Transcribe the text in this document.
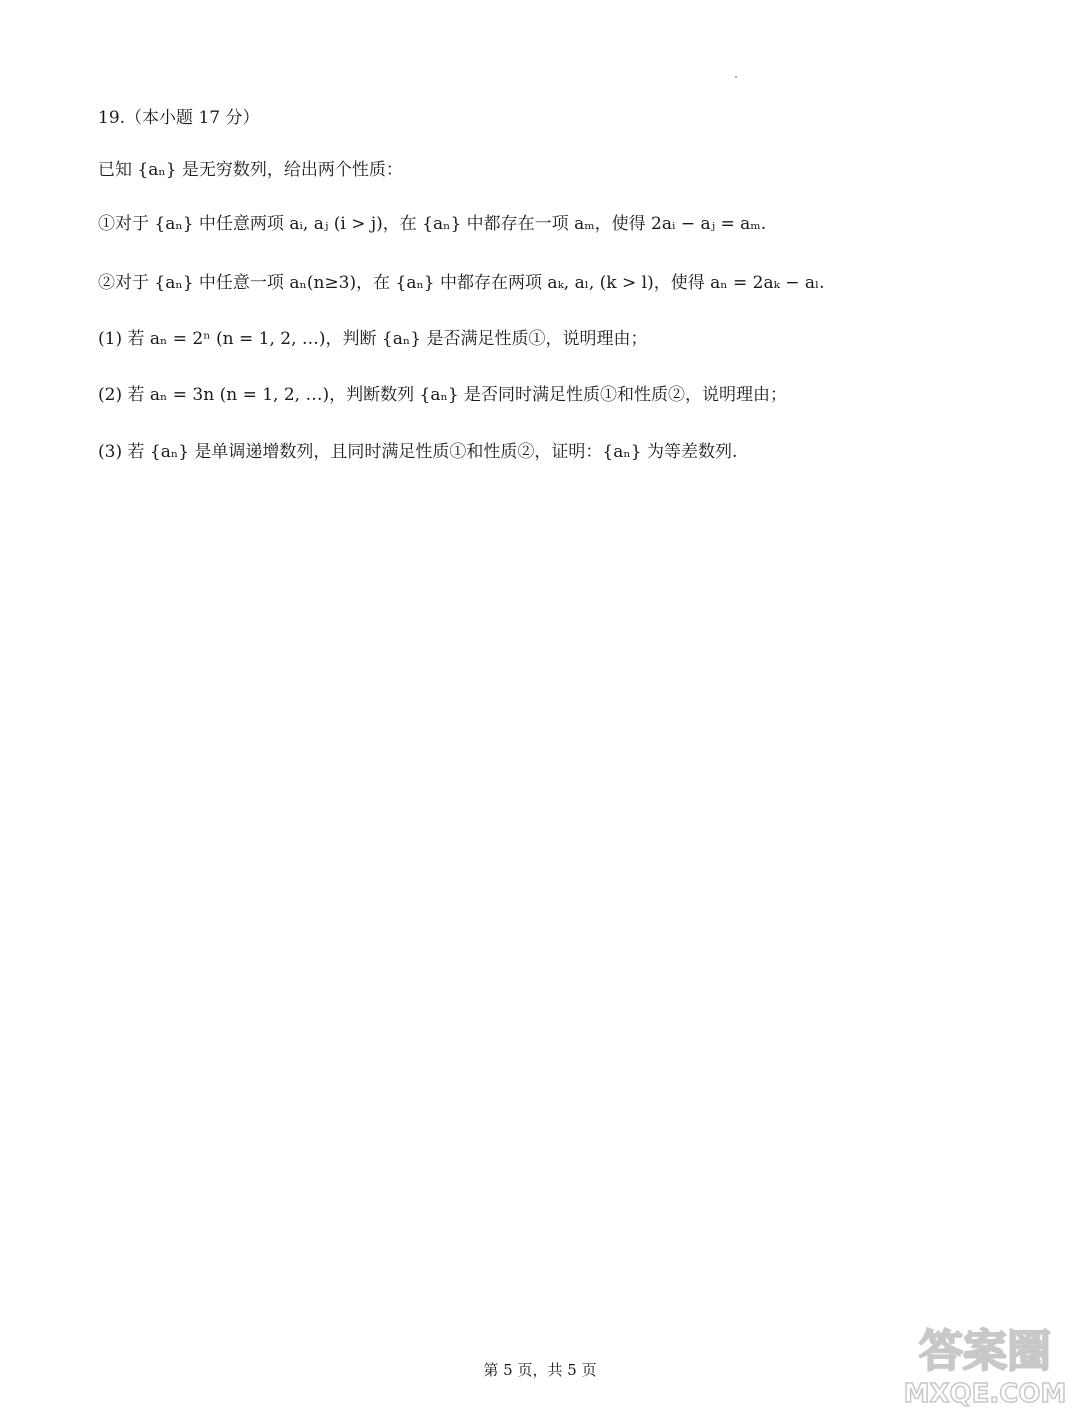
19.（本小题 17 分）
已知 {aₙ} 是无穷数列，给出两个性质：
①对于 {aₙ} 中任意两项 aᵢ, aⱼ (i > j)，在 {aₙ} 中都存在一项 aₘ，使得 2aᵢ − aⱼ = aₘ.
②对于 {aₙ} 中任意一项 aₙ(n≥3)，在 {aₙ} 中都存在两项 aₖ, aₗ, (k > l)，使得 aₙ = 2aₖ − aₗ.
(1) 若 aₙ = 2ⁿ (n = 1, 2, …)，判断 {aₙ} 是否满足性质①，说明理由；
(2) 若 aₙ = 3n (n = 1, 2, …)，判断数列 {aₙ} 是否同时满足性质①和性质②，说明理由；
(3) 若 {aₙ} 是单调递增数列，且同时满足性质①和性质②，证明：{aₙ} 为等差数列.
第 5 页，共 5 页	答案圈
MXQE.COM
